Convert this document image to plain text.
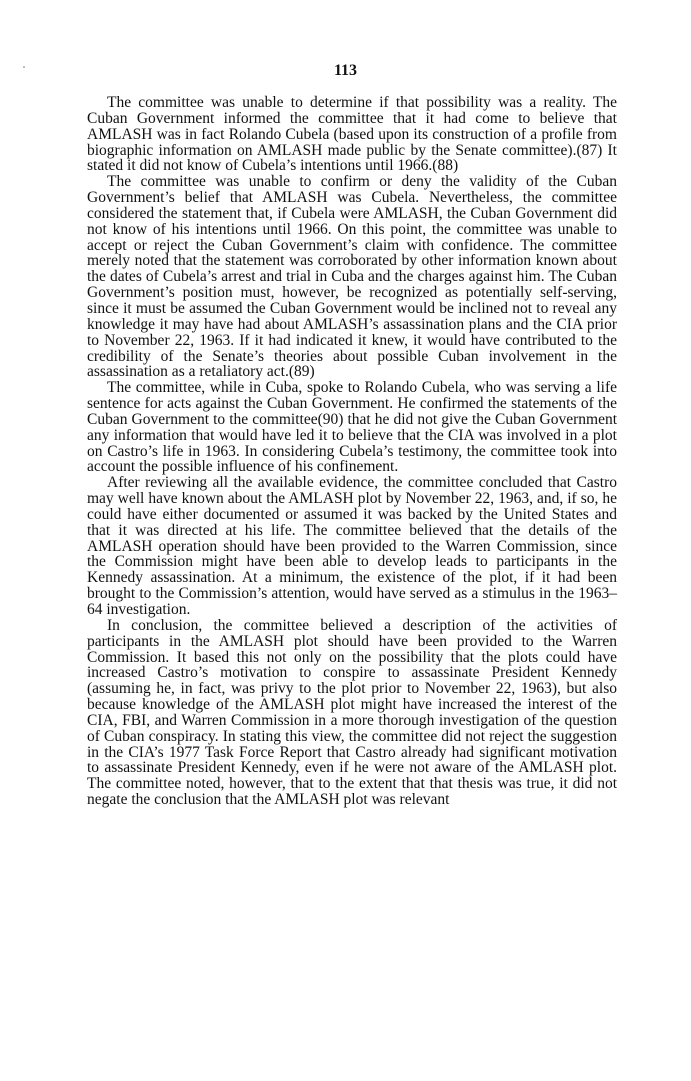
113

The committee was unable to determine if that possibility was a reality. The Cuban Government informed the committee that it had come to believe that AMLASH was in fact Rolando Cubela (based upon its construction of a profile from biographic information on AMLASH made public by the Senate committee).(87) It stated it did not know of Cubela’s intentions until 1966.(88)

The committee was unable to confirm or deny the validity of the Cuban Government’s belief that AMLASH was Cubela. Nevertheless, the committee considered the statement that, if Cubela were AMLASH, the Cuban Government did not know of his intentions until 1966. On this point, the committee was unable to accept or reject the Cuban Government’s claim with confidence. The committee merely noted that the statement was corroborated by other information known about the dates of Cubela’s arrest and trial in Cuba and the charges against him. The Cuban Government’s position must, however, be recognized as potentially self-serving, since it must be assumed the Cuban Government would be inclined not to reveal any knowledge it may have had about AMLASH’s assassination plans and the CIA prior to November 22, 1963. If it had indicated it knew, it would have contributed to the credibility of the Senate’s theories about possible Cuban involvement in the assassination as a retaliatory act.(89)

The committee, while in Cuba, spoke to Rolando Cubela, who was serving a life sentence for acts against the Cuban Government. He confirmed the statements of the Cuban Government to the committee(90) that he did not give the Cuban Government any information that would have led it to believe that the CIA was involved in a plot on Castro’s life in 1963. In considering Cubela’s testimony, the committee took into account the possible influence of his confinement.

After reviewing all the available evidence, the committee concluded that Castro may well have known about the AMLASH plot by November 22, 1963, and, if so, he could have either documented or assumed it was backed by the United States and that it was directed at his life. The committee believed that the details of the AMLASH operation should have been provided to the Warren Commission, since the Commission might have been able to develop leads to participants in the Kennedy assassination. At a minimum, the existence of the plot, if it had been brought to the Commission’s attention, would have served as a stimulus in the 1963–64 investigation.

In conclusion, the committee believed a description of the activities of participants in the AMLASH plot should have been provided to the Warren Commission. It based this not only on the possibility that the plots could have increased Castro’s motivation to conspire to assassinate President Kennedy (assuming he, in fact, was privy to the plot prior to November 22, 1963), but also because knowledge of the AMLASH plot might have increased the interest of the CIA, FBI, and Warren Commission in a more thorough investigation of the question of Cuban conspiracy. In stating this view, the committee did not reject the suggestion in the CIA’s 1977 Task Force Report that Castro already had significant motivation to assassinate President Kennedy, even if he were not aware of the AMLASH plot. The committee noted, however, that to the extent that that thesis was true, it did not negate the conclusion that the AMLASH plot was relevant
